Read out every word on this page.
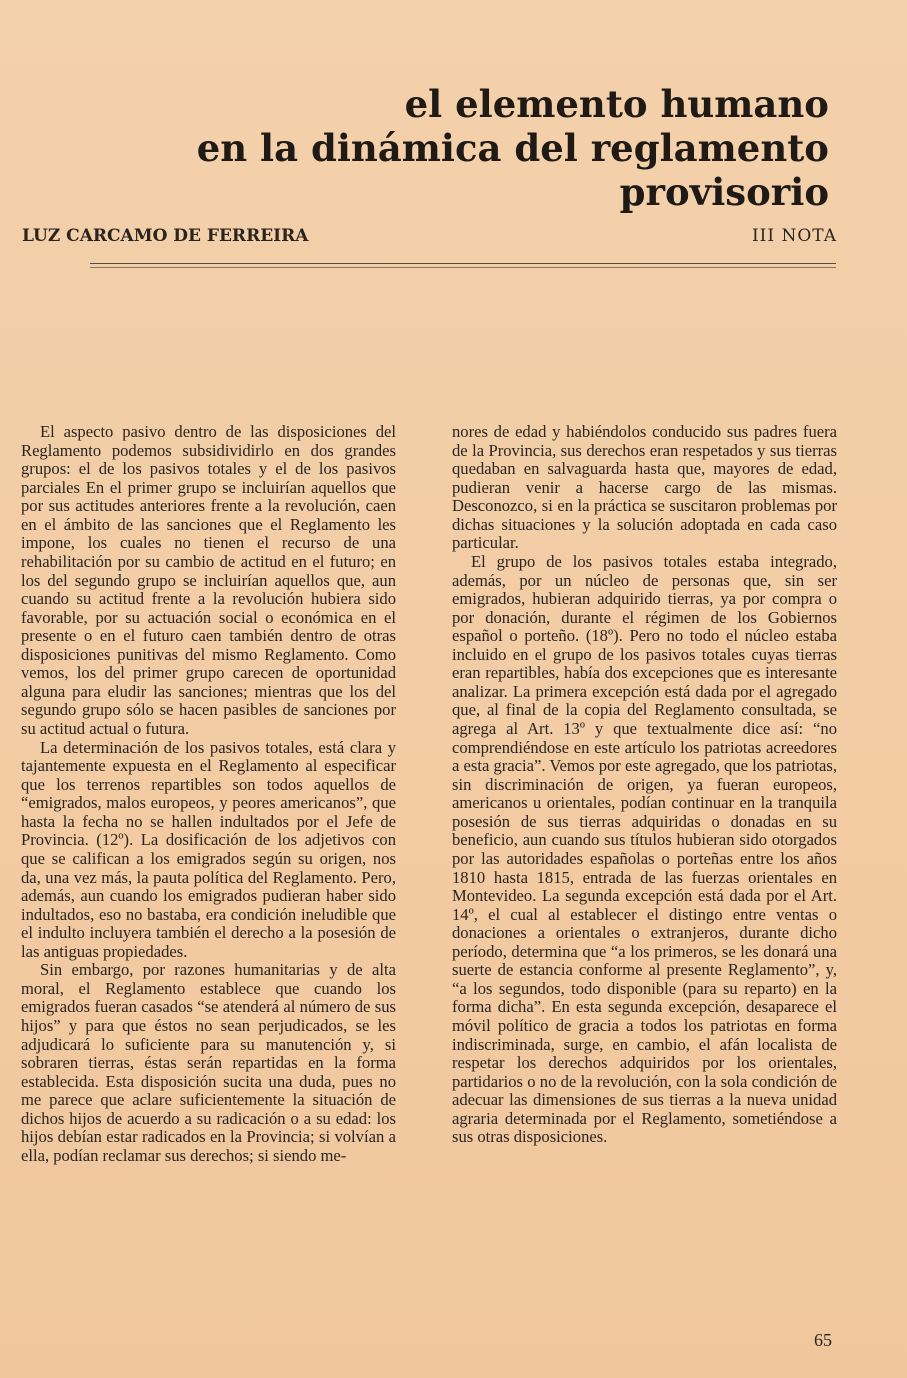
el elemento humano
en la dinámica del reglamento provisorio
LUZ CARCAMO DE FERREIRA	III NOTA

El aspecto pasivo dentro de las disposiciones del Reglamento podemos subsidividirlo en dos grandes grupos: el de los pasivos totales y el de los pasivos parciales En el primer grupo se incluirían aquellos que por sus actitudes anteriores frente a la revolución, caen en el ámbito de las sanciones que el Reglamento les impone, los cuales no tienen el recurso de una rehabilitación por su cambio de actitud en el futuro; en los del segundo grupo se incluirían aquellos que, aun cuando su actitud frente a la revolución hubiera sido favorable, por su actuación social o económica en el presente o en el futuro caen también dentro de otras disposiciones punitivas del mismo Reglamento. Como vemos, los del primer grupo carecen de oportunidad alguna para eludir las sanciones; mientras que los del segundo grupo sólo se hacen pasibles de sanciones por su actitud actual o futura.

La determinación de los pasivos totales, está clara y tajantemente expuesta en el Reglamento al especificar que los terrenos repartibles son todos aquellos de “emigrados, malos europeos, y peores americanos”, que hasta la fecha no se hallen indultados por el Jefe de Provincia. (12º). La dosificación de los adjetivos con que se califican a los emigrados según su origen, nos da, una vez más, la pauta política del Reglamento. Pero, además, aun cuando los emigrados pudieran haber sido indultados, eso no bastaba, era condición ineludible que el indulto incluyera también el derecho a la posesión de las antiguas propiedades.

Sin embargo, por razones humanitarias y de alta moral, el Reglamento establece que cuando los emigrados fueran casados “se atenderá al número de sus hijos” y para que éstos no sean perjudicados, se les adjudicará lo suficiente para su manutención y, si sobraren tierras, éstas serán repartidas en la forma establecida. Esta disposición sucita una duda, pues no me parece que aclare suficientemente la situación de dichos hijos de acuerdo a su radicación o a su edad: los hijos debían estar radicados en la Provincia; si volvían a ella, podían reclamar sus derechos; si siendo me-

nores de edad y habiéndolos conducido sus padres fuera de la Provincia, sus derechos eran respetados y sus tierras quedaban en salvaguarda hasta que, mayores de edad, pudieran venir a hacerse cargo de las mismas. Desconozco, si en la práctica se suscitaron problemas por dichas situaciones y la solución adoptada en cada caso particular.

El grupo de los pasivos totales estaba integrado, además, por un núcleo de personas que, sin ser emigrados, hubieran adquirido tierras, ya por compra o por donación, durante el régimen de los Gobiernos español o porteño. (18º). Pero no todo el núcleo estaba incluido en el grupo de los pasivos totales cuyas tierras eran repartibles, había dos excepciones que es interesante analizar. La primera excepción está dada por el agregado que, al final de la copia del Reglamento consultada, se agrega al Art. 13º y que textualmente dice así: “no comprendiéndose en este artículo los patriotas acreedores a esta gracia”. Vemos por este agregado, que los patriotas, sin discriminación de origen, ya fueran europeos, americanos u orientales, podían continuar en la tranquila posesión de sus tierras adquiridas o donadas en su beneficio, aun cuando sus títulos hubieran sido otorgados por las autoridades españolas o porteñas entre los años 1810 hasta 1815, entrada de las fuerzas orientales en Montevideo. La segunda excepción está dada por el Art. 14º, el cual al establecer el distingo entre ventas o donaciones a orientales o extranjeros, durante dicho período, determina que “a los primeros, se les donará una suerte de estancia conforme al presente Reglamento”, y, “a los segundos, todo disponible (para su reparto) en la forma dicha”. En esta segunda excepción, desaparece el móvil político de gracia a todos los patriotas en forma indiscriminada, surge, en cambio, el afán localista de respetar los derechos adquiridos por los orientales, partidarios o no de la revolución, con la sola condición de adecuar las dimensiones de sus tierras a la nueva unidad agraria determinada por el Reglamento, sometiéndose a sus otras disposiciones.

65
